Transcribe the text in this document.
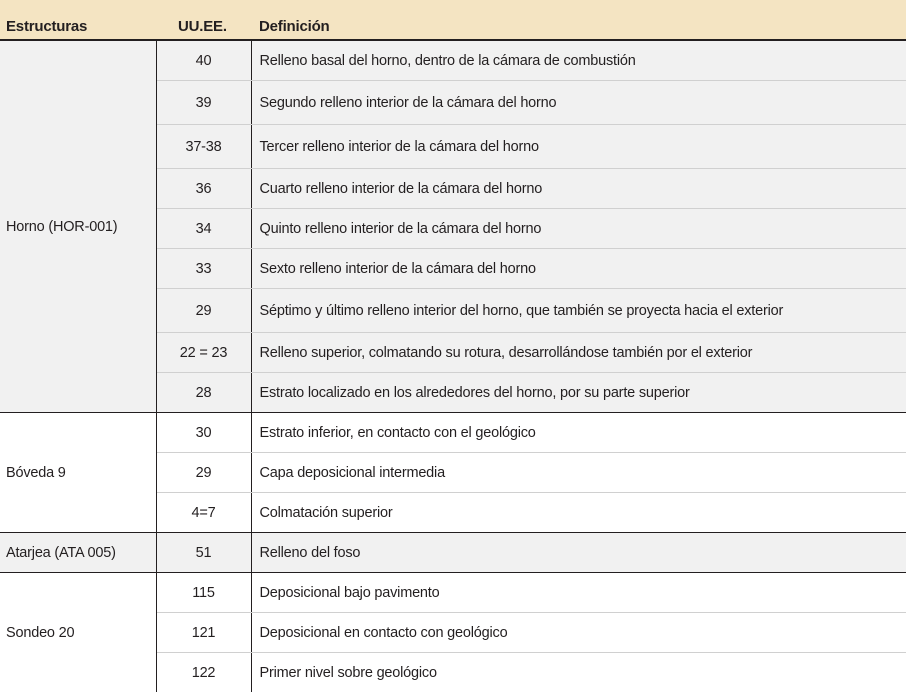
Estructuras	UU.EE.	Definición
Horno (HOR-001)	40	Relleno basal del horno, dentro de la cámara de combustión
	39	Segundo relleno interior de la cámara del horno
	37-38	Tercer relleno interior de la cámara del horno
	36	Cuarto relleno interior de la cámara del horno
	34	Quinto relleno interior de la cámara del horno
	33	Sexto relleno interior de la cámara del horno
	29	Séptimo y último relleno interior del horno, que también se proyecta hacia el exterior
	22 = 23	Relleno superior, colmatando su rotura, desarrollándose también por el exterior
	28	Estrato localizado en los alrededores del horno, por su parte superior
Bóveda 9	30	Estrato inferior, en contacto con el geológico
	29	Capa deposicional intermedia
	4=7	Colmatación superior
Atarjea (ATA 005)	51	Relleno del foso
Sondeo 20	115	Deposicional bajo pavimento
	121	Deposicional en contacto con geológico
	122	Primer nivel sobre geológico
